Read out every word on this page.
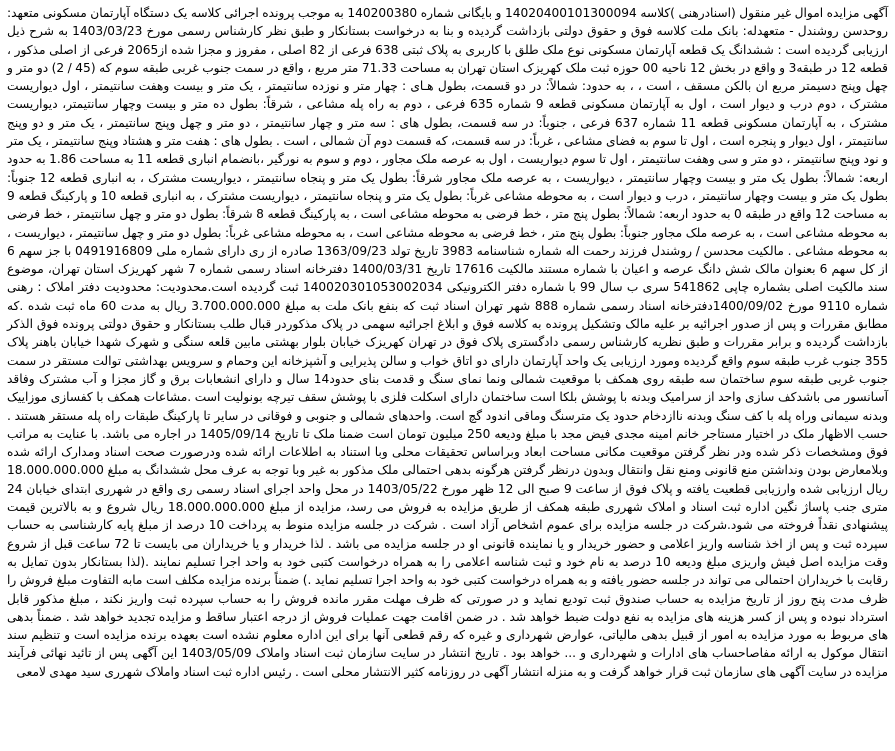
آگهی مزایده اموال غیر منقول (اسنادرهنی )کلاسه 14020400101300094 و بایگانی شماره 140200380 به موجب پرونده اجرائی کلاسه یک دستگاه آپارتمان مسکونی متعهد: روحدسن روشندل - متعهدله: بانک ملت کلاسه فوق و حقوق دولتی بازداشت گردیده و بنا به درخواست بستانکار و طبق نظر کارشناس رسمی مورخ 1403/03/23 به شرح ذیل ارزیابی گردیده است : ششدانگ یک قطعه آپارتمان مسکونی نوع ملک طلق با کاربری به پلاک ثبتی 638 فرعی از 82 اصلی ، مفروز و مجزا شده از2065 فرعی از اصلی مذکور ، قطعه 12 در طبقه3 و واقع در بخش 12 ناحیه 00 حوزه ثبت ملک کهریزک استان تهران به مساحت 71.33 متر مربع ، واقع در سمت جنوب غربی طبقه سوم که (45 / 2) دو متر و چهل وپنج دسیمتر مربع ان بالکن مسقف ، است ، ، به حدود: شمالاً: در دو قسمت، بطول هـای : چهار متر و نوزده سانتیمتر ، یک متر و بیست وهفت سانتیمتر ، اول دیواریست مشترک ، دوم درب و دیوار است ، اول به آپارتمان مسکونی قطعه 9 شماره 635 فرعی ، دوم به راه پله مشاعی ، شرقاً: بطول ده متر و بیست وچهار سانتیمتر، دیواریست مشترک ، به آپارتمان مسکونی قطعه 11 شماره 637 فرعی ، جنوباً: در سه قسمت، بطول های : سه متر و چهار سانتیمتر ، دو متر و چهل وپنج سانتیمتر ، یک متر و دو وپنج سانتیمتر ، اول دیوار و پنجره است ، اول تا سوم به فضای مشاعی ، غرباً: در سه قسمت، که قسمت دوم آن شمالی ، است . بطول های : هفت متر و هشتاد وپنج سانتیمتر ، یک متر و نود وپنج سانتیمتر ، دو متر و سی وهفت سانتیمتر ، اول تا سوم دیواریست ، اول به عرصه ملک مجاور ، دوم و سوم به نورگیر ،بانضمام انباری قطعه 11 به مساحت 1.86 به حدود اربعه: شمالاً: بطول یک متر و بیست وچهار سانتیمتر ، دیواریست ، به عرصه ملک مجاور شرقاً: بطول یک متر و پنجاه سانتیمتر ، دیواریست مشترک ، به انباری قطعه 12 جنوباً: بطول یک متر و بیست وچهار سانتیمتر ، درب و دیوار است ، به محوطه مشاعی غرباً: بطول یک متر و پنجاه سانتیمتر ، دیواریست مشترک ، به انباری قطعه 10 و پارکینگ قطعه 9 به مساحت 12 واقع در طبقه 0 به حدود اربعه: شمالاً: بطول پنج متر ، خط فرضی به محوطه مشاعی است ، به پارکینگ قطعه 8 شرقاً: بطول دو متر و چهل سانتیمتر ، خط فرضی به محوطه مشاعی است ، به عرصه ملک مجاور جنوباً: بطول پنج متر ، خط فرضی به محوطه مشاعی است ، به محوطه مشاعی غرباً: بطول دو متر و چهل سانتیمتر ، دیواریست ، به محوطه مشاعی . مالکیت محدسن / روشندل فرزند رحمت اله شماره شناسنامه 3983 تاریخ تولد 1363/09/23 صادره از ری دارای شماره ملی 0491916809 با جز سهم 6 از کل سهم 6 بعنوان مالک شش دانگ عرصه و اعیان با شماره مستند مالکیت 17616 تاریخ 1400/03/31 دفترخانه اسناد رسمی شماره 7 شهر کهریزک استان تهران، موضوع سند مالکیت اصلی بشماره چاپی 541862 سری ب سال 99 با شماره دفتر الکترونیکی 140020301053002034 ثبت گردیده است.محدودیت: محدودیت دفتر املاک : رهنی شماره 9110 مورخ 1400/09/02دفترخانه اسناد رسمی شماره 888 شهر تهران اسناد ثبت که بنفع بانک ملت به مبلغ 3.700.000.000 ریال به مدت 60 ماه ثبت شده .که مطابق مقررات و پس از صدور اجرائیه بر علیه مالک وتشکیل پرونده به کلاسه فوق و ابلاغ اجرائیه سهمی در پلاک مذکوردر قبال طلب بستانکار و حقوق دولتی پرونده فوق الذکر بازداشت گردیده و برابر مقررات و طبق نظریه کارشناس رسمی دادگستری پلاک فوق در تهران کهریزک خیابان بلوار بهشتی مابین قلعه سنگی و شهرک شهدا خیابان باهنر پلاک 355 جنوب غرب طبقه سوم واقع گردیده ومورد ارزیابی یک واحد آپارتمان دارای دو اتاق خواب و سالن پذیرایی و آشپزخانه این وحمام و سرویس بهداشتی توالت مستقر در سمت جنوب غربی طبقه سوم ساختمان سه طبقه روی همکف با موقعیت شمالی ونما نمای سنگ و قدمت بنای حدود14 سال و دارای انشعابات برق و گاز مجزا و آب مشترک وفاقد آسانسور می باشدکف سازی واحد از سرامیک وبدنه با پوشش بلکا است ساختمان دارای اسکلت فلزی با پوشش سقف تیرچه بونولیت است .مشاعات همکف با کفسازی موزاییک وبدنه سیمانی وراه پله با کف سنگ وبدنه ناازدخام حدود یک مترسنگ وماقی اندود گچ است. واحدهای شمالی و جنوبی و فوقانی در سایر تا پارکینگ طبقات راه پله مستقر هستند . حسب الاظهار ملک در اختیار مستاجر خانم امینه مجدی فیض مجد با مبلغ ودیعه 250 میلیون تومان است ضمنا ملک تا تاریخ 1405/09/14 در اجاره می باشد. با عنایت به مراتب فوق ومشخصات ذکر شده ودر نظر گرفتن موقعیت مکانی مساحت ابعاد وبراساس تحقیقات محلی وبا استناد به اطلاعات ارائه شده ودرصورت صحت اسناد ومدارک ارائه شده وبلامعارض بودن ونداشتن منع قانونی ومنع نقل وانتقال وبدون درنظر گرفتن هرگونه بدهی احتمالی ملک مذکور به غیر وبا توجه به عرف محل ششدانگ به مبلغ 18.000.000.000 ریال ارزیابی شده وارزیابی قطعیت یافته و پلاک فوق از ساعت 9 صبح الی 12 ظهر مورخ 1403/05/22 در محل واحد اجرای اسناد رسمی ری واقع در شهرری ابتدای خیابان 24 متری جنب پاساژ نگین اداره ثبت اسناد و املاک شهرری طبقه همکف از طریق مزایده به فروش می رسد، مزایده از مبلغ 18.000.000.000 ریال شروع و به بالاترین قیمت پیشنهادی نقداً فروخته می شود.شرکت در جلسه مزایده برای عموم اشخاص آزاد است . شرکت در جلسه مزایده منوط به پرداخت 10 درصد از مبلغ پایه کارشناسی به حساب سپرده ثبت و پس از اخذ شناسه واریز اعلامی و حضور خریدار و یا نماینده قانونی او در جلسه مزایده می باشد . لذا خریدار و یا خریداران می بایست تا 72 ساعت قبل از شروع وقت مزایده اصل فیش واریزی مبلغ ودیعه 10 درصد به نام خود و ثبت شناسه اعلامی را به همراه درخواست کتبی خود به واحد اجرا تسلیم نمایند .(لذا بستانکار بدون تمایل به رقابت با خریداران احتمالی می تواند در جلسه حضور یافته و به همراه درخواست کتبی خود به واحد اجرا تسلیم نماید .) ضمناً برنده مزایده مکلف است مابه التفاوت مبلغ فروش را ظرف مدت پنج روز از تاریخ مزایده به حساب صندوق ثبت تودیع نماید و در صورتی که ظرف مهلت مقرر مانده فروش را به حساب سپرده ثبت واریز نکند ، مبلغ مذکور قابل استرداد نبوده و پس از کسر هزینه های مزایده به نفع دولت ضبط خواهد شد . در ضمن اقامت جهت عملیات فروش از درجه اعتبار ساقط و مزایده تجدید خواهد شد . ضمناً بدهی های مربوط به مورد مزایده به امور از قبیل بدهی مالیاتی، عوارض شهرداری و غیره که رقم قطعی آنها برای این اداره معلوم نشده است بعهده برنده مزایده است و تنظیم سند انتقال موکول به ارائه مفاصاحساب های ادارات و شهرداری و ... خواهد بود . تاریخ انتشار در سایت سازمان ثبت اسناد واملاک 1403/05/09 این آگهی پس از تائید نهائی فرآیند مزایده در سایت آگهی های سازمان ثبت قرار خواهد گرفت و به منزله انتشار آگهی در روزنامه کثیر الانتشار محلی است . رئیس اداره ثبت اسناد واملاک شهرری سید مهدی لامعی
